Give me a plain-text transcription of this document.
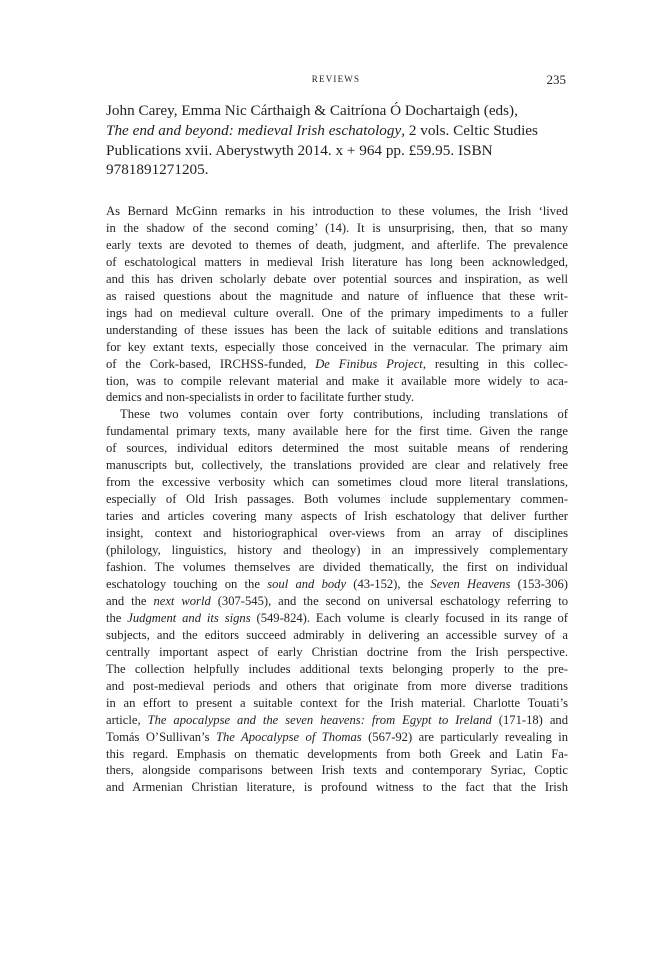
REVIEWS	235
John Carey, Emma Nic Cárthaigh & Caitríona Ó Dochartaigh (eds),
The end and beyond: medieval Irish eschatology, 2 vols. Celtic Studies
Publications xvii. Aberystwyth 2014. x + 964 pp. £59.95. ISBN
9781891271205.
As Bernard McGinn remarks in his introduction to these volumes, the Irish ‘lived
in the shadow of the second coming’ (14). It is unsurprising, then, that so many
early texts are devoted to themes of death, judgment, and afterlife. The prevalence
of eschatological matters in medieval Irish literature has long been acknowledged,
and this has driven scholarly debate over potential sources and inspiration, as well
as raised questions about the magnitude and nature of influence that these writ-
ings had on medieval culture overall. One of the primary impediments to a fuller
understanding of these issues has been the lack of suitable editions and translations
for key extant texts, especially those conceived in the vernacular. The primary aim
of the Cork-based, IRCHSS-funded, De Finibus Project, resulting in this collec-
tion, was to compile relevant material and make it available more widely to aca-
demics and non-specialists in order to facilitate further study.
These two volumes contain over forty contributions, including translations of
fundamental primary texts, many available here for the first time. Given the range
of sources, individual editors determined the most suitable means of rendering
manuscripts but, collectively, the translations provided are clear and relatively free
from the excessive verbosity which can sometimes cloud more literal translations,
especially of Old Irish passages. Both volumes include supplementary commen-
taries and articles covering many aspects of Irish eschatology that deliver further
insight, context and historiographical over-views from an array of disciplines
(philology, linguistics, history and theology) in an impressively complementary
fashion. The volumes themselves are divided thematically, the first on individual
eschatology touching on the soul and body (43-152), the Seven Heavens (153-306)
and the next world (307-545), and the second on universal eschatology referring to
the Judgment and its signs (549-824). Each volume is clearly focused in its range of
subjects, and the editors succeed admirably in delivering an accessible survey of a
centrally important aspect of early Christian doctrine from the Irish perspective.
The collection helpfully includes additional texts belonging properly to the pre-
and post-medieval periods and others that originate from more diverse traditions
in an effort to present a suitable context for the Irish material. Charlotte Touati’s
article, The apocalypse and the seven heavens: from Egypt to Ireland (171-18) and
Tomás O’Sullivan’s The Apocalypse of Thomas (567-92) are particularly revealing in
this regard. Emphasis on thematic developments from both Greek and Latin Fa-
thers, alongside comparisons between Irish texts and contemporary Syriac, Coptic
and Armenian Christian literature, is profound witness to the fact that the Irish
